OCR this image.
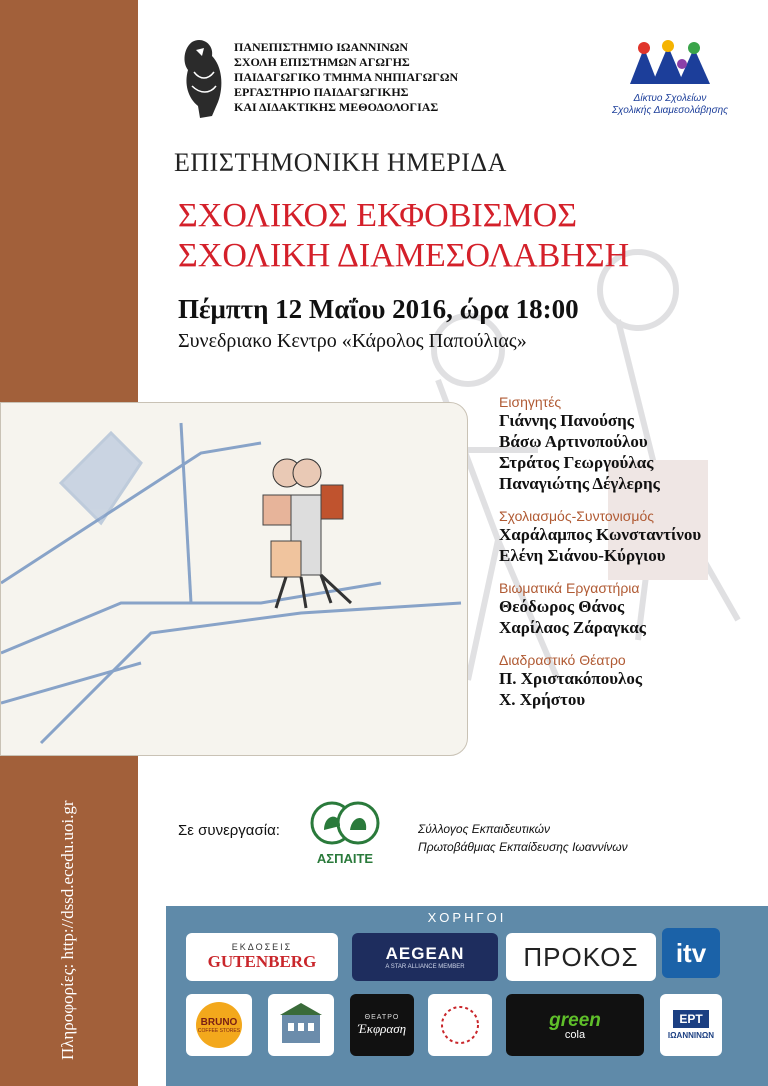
Πληροφορίες: http://dssd.ecedu.uoi.gr
ΠΑΝΕΠΙΣΤΗΜΙΟ ΙΩΑΝΝΙΝΩΝ
ΣΧΟΛΗ ΕΠΙΣΤΗΜΩΝ ΑΓΩΓΗΣ
ΠΑΙΔΑΓΩΓΙΚΟ ΤΜΗΜΑ ΝΗΠΙΑΓΩΓΩΝ
ΕΡΓΑΣΤΗΡΙΟ ΠΑΙΔΑΓΩΓΙΚΗΣ
ΚΑΙ ΔΙΔΑΚΤΙΚΗΣ ΜΕΘΟΔΟΛΟΓΙΑΣ
Δίκτυο Σχολείων
Σχολικής Διαμεσολάβησης
ΕΠΙΣΤΗΜΟΝΙΚΗ ΗΜΕΡΙΔΑ
ΣΧΟΛΙΚΟΣ ΕΚΦΟΒΙΣΜΟΣ
ΣΧΟΛΙΚΗ ΔΙΑΜΕΣΟΛΑΒΗΣΗ
Πέμπτη 12 Μαΐου 2016, ώρα 18:00
Συνεδριακο Κεντρο «Κάρολος Παπούλιας»
Εισηγητές
Γιάννης Πανούσης
Βάσω Αρτινοπούλου
Στράτος Γεωργούλας
Παναγιώτης Δέγλερης
Σχολιασμός-Συντονισμός
Χαράλαμπος Κωνσταντίνου
Ελένη Σιάνου-Κύργιου
Βιωματικά Εργαστήρια
Θεόδωρος Θάνος
Χαρίλαος Ζάραγκας
Διαδραστικό Θέατρο
Π. Χριστακόπουλος
Χ. Χρήστου
Σε συνεργασία:
ΑΣΠΑΙΤΕ
Σύλλογος Εκπαιδευτικών
Πρωτοβάθμιας Εκπαίδευσης Ιωαννίνων
ΧΟΡΗΓΟΙ
ΕΚΔΟΣΕΙΣ
GUTENBERG	AEGEAN
A STAR ALLIANCE MEMBER ΠΡΟΚΟΣ itv
BRUNO
COFFEE STORES
ΘΕΑΤΡΟ
Έκφραση	green
cola
ΕΡΤ
ΙΩΑΝΝΙΝΩΝ
